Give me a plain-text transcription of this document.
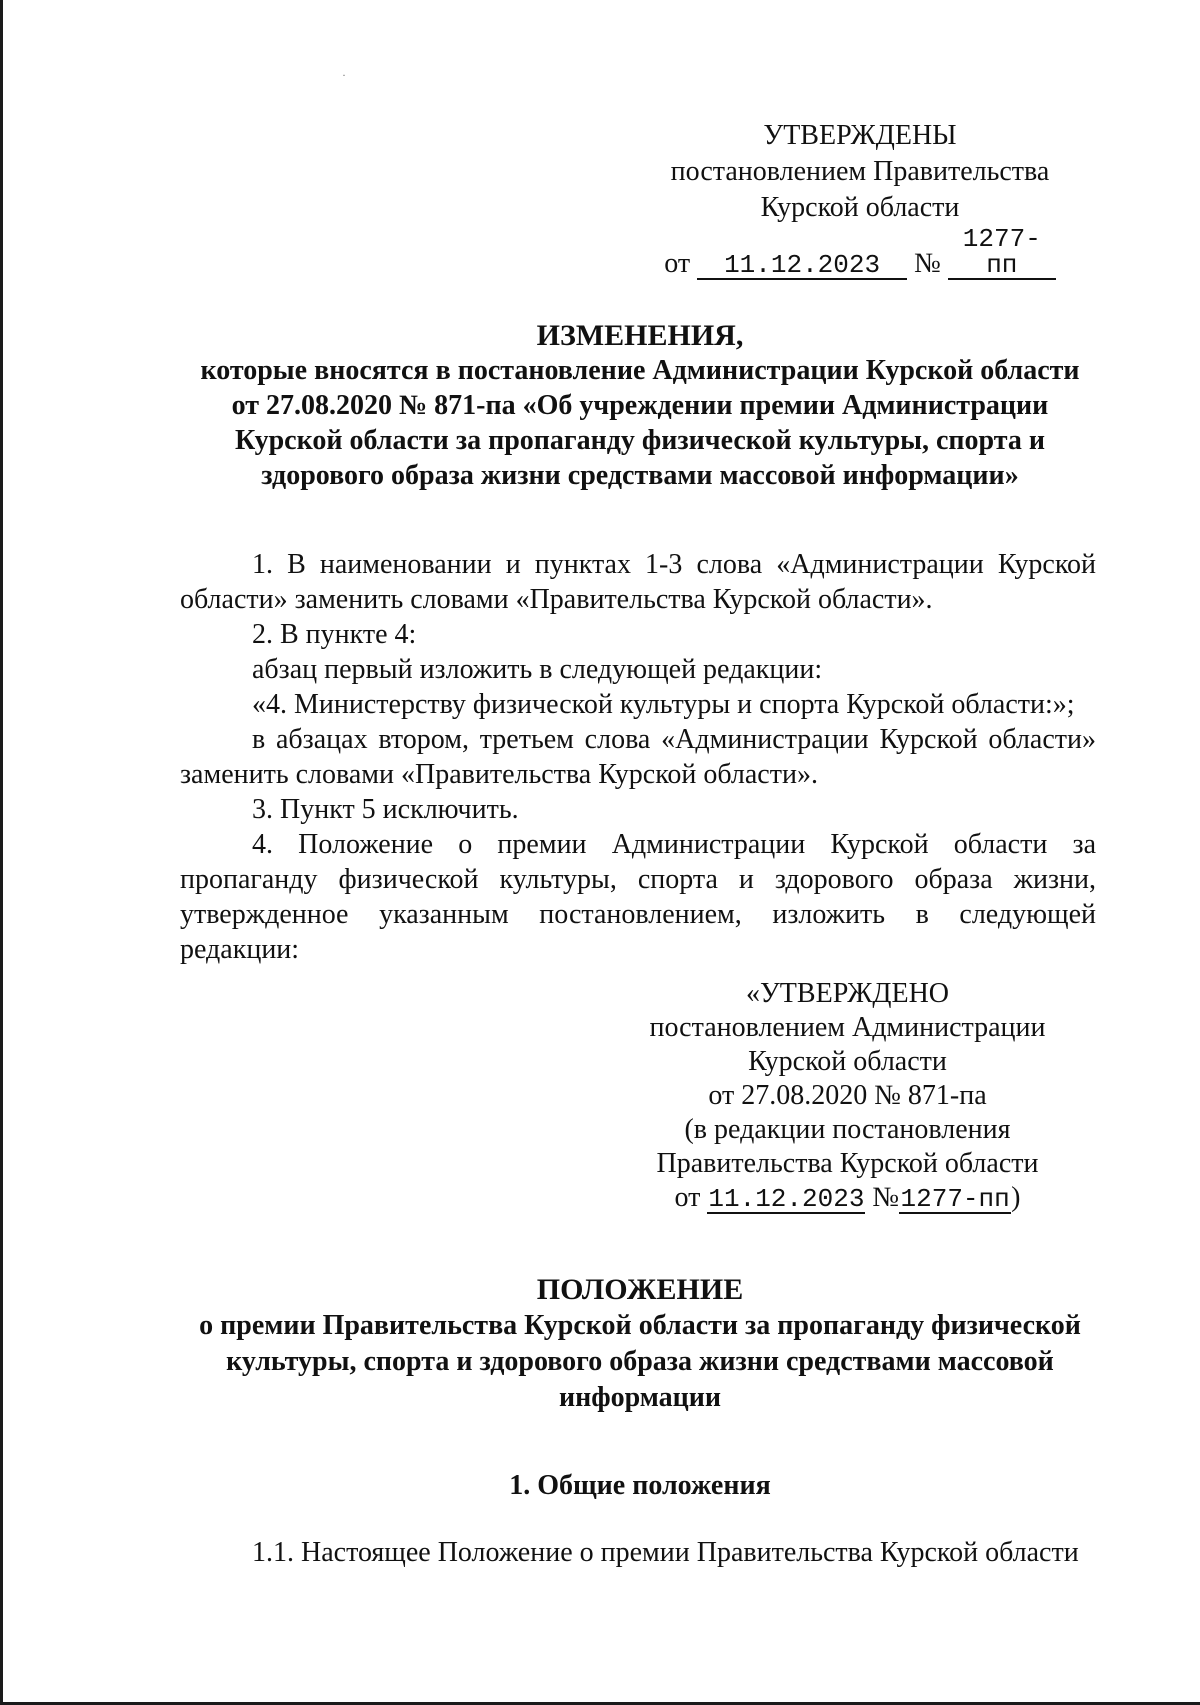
·
УТВЕРЖДЕНЫ
постановлением Правительства
Курской области
от 11.12.2023 № 1277-пп
ИЗМЕНЕНИЯ,
которые вносятся в постановление Администрации Курской области
от 27.08.2020 № 871-па «Об учреждении премии Администрации
Курской области за пропаганду физической культуры, спорта и
здорового образа жизни средствами массовой информации»

1. В наименовании и пунктах 1-3 слова «Администрации Курской области» заменить словами «Правительства Курской области».

2. В пункте 4:

абзац первый изложить в следующей редакции:

«4. Министерству физической культуры и спорта Курской области:»;

в абзацах втором, третьем слова «Администрации Курской области» заменить словами «Правительства Курской области».

3. Пункт 5 исключить.

4. Положение о премии Администрации Курской области за пропаганду физической культуры, спорта и здорового образа жизни, утвержденное указанным постановлением, изложить в следующей редакции:

«УТВЕРЖДЕНО
постановлением Администрации
Курской области
от 27.08.2020 № 871-па
(в редакции постановления
Правительства Курской области
от 11.12.2023 №1277-пп)
ПОЛОЖЕНИЕ
о премии Правительства Курской области за пропаганду физической
культуры, спорта и здорового образа жизни средствами массовой
информации
1. Общие положения

1.1. Настоящее Положение о премии Правительства Курской области
